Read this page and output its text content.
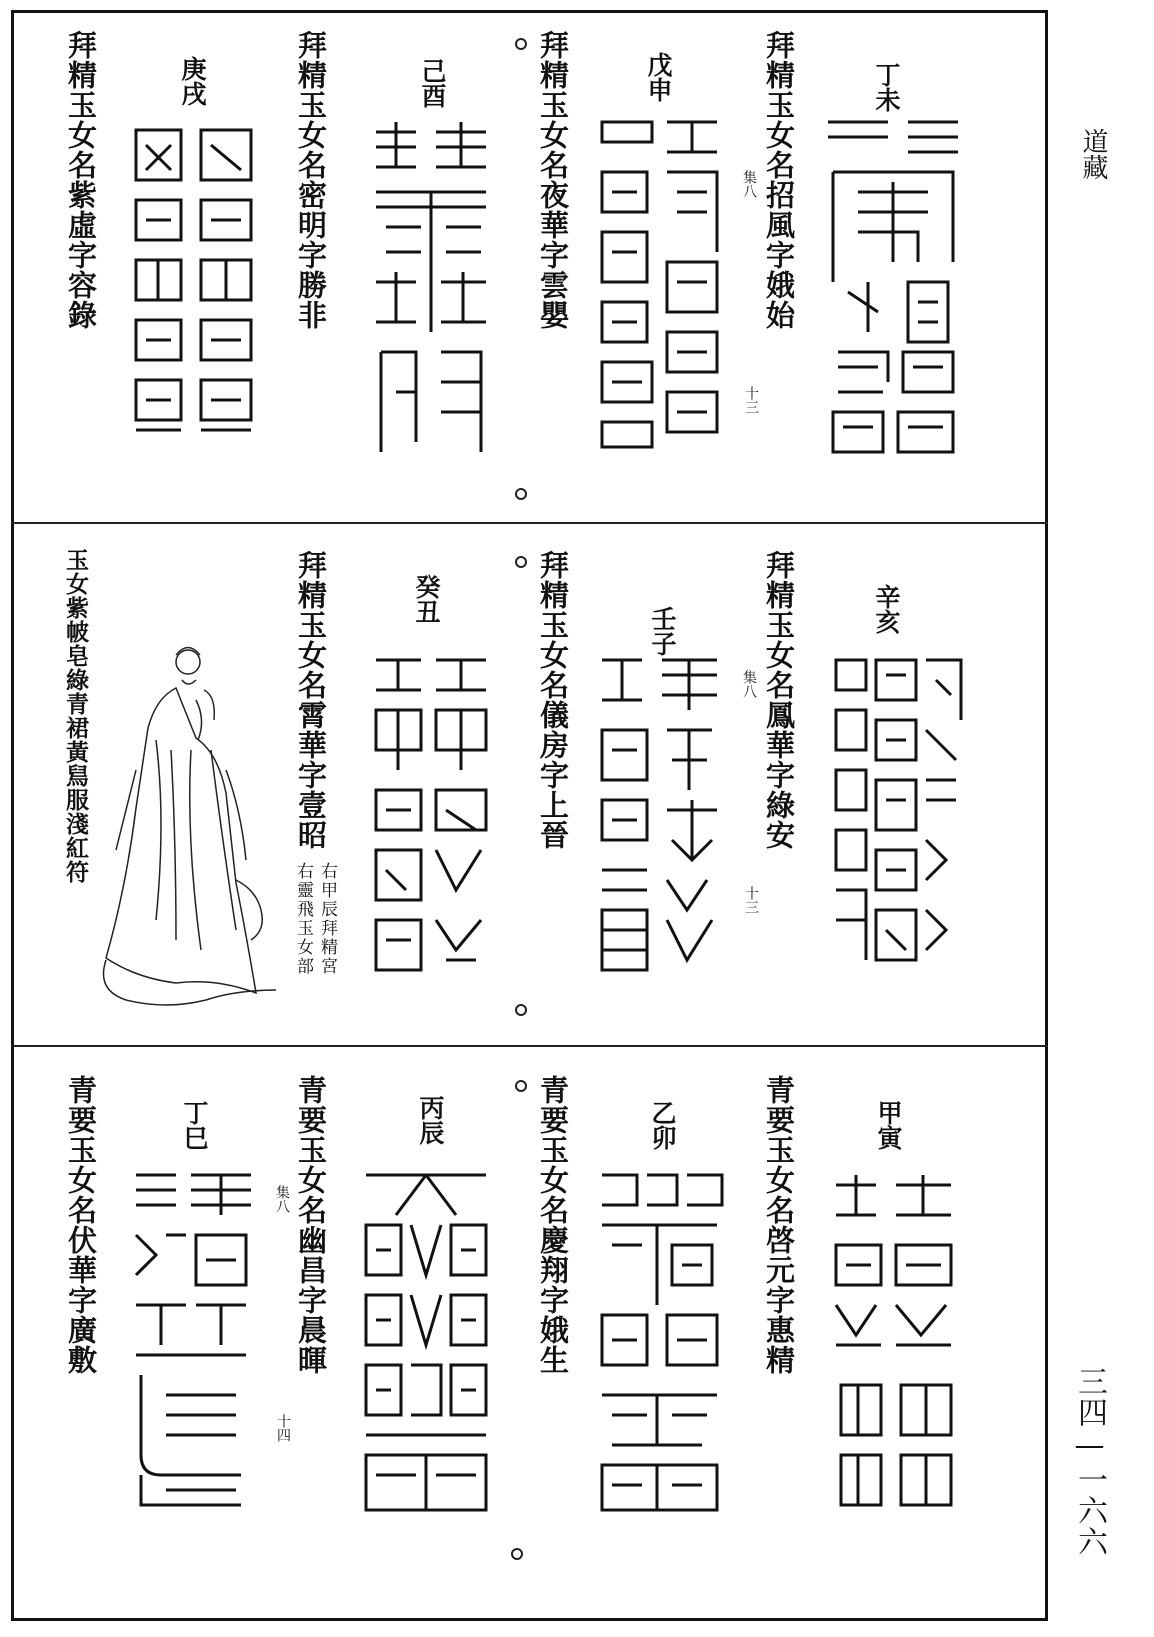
道藏
三四—一六六
丁未
拜精玉女名招風字娥始
集八
十三
戊申
拜精玉女名夜華字雲嬰
己酉
拜精玉女名密明字勝非
庚戌
拜精玉女名紫虛字容錄
辛亥
拜精玉女名鳳華字綠安
集八
十三
壬子
拜精玉女名儀房字上晉
癸丑
拜精玉女名霄華字壹昭
右甲辰拜精宮
右靈飛玉女部
玉女紫帔皂綠青裙黃舃服淺紅符
甲寅
青要玉女名啓元字惠精
乙卯
青要玉女名慶翔字娥生
丙辰
青要玉女名幽昌字晨暉
集八
十四
丁巳
青要玉女名伏華字廣敷
